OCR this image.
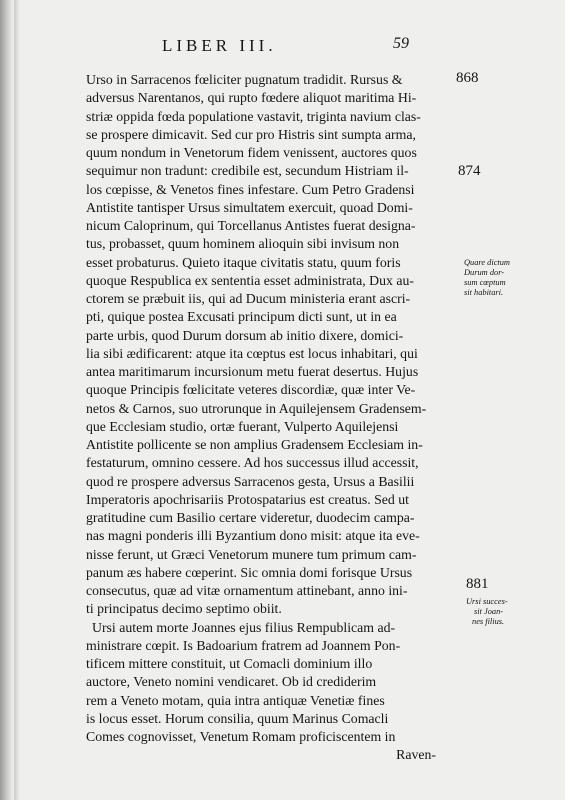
LIBER III.	59
Urso in Sarracenos fœliciter pugnatum tradidit. Rursus &
adversus Narentanos, qui rupto fœdere aliquot maritima Hi-
striæ oppida fœda populatione vastavit, triginta navium clas-
se prospere dimicavit. Sed cur pro Histris sint sumpta arma,
quum nondum in Venetorum fidem venissent, auctores quos
sequimur non tradunt: credibile est, secundum Histriam il-
los cœpisse, & Venetos fines infestare. Cum Petro Gradensi
Antistite tantisper Ursus simultatem exercuit, quoad Domi-
nicum Caloprinum, qui Torcellanus Antistes fuerat designa-
tus, probasset, quum hominem alioquin sibi invisum non
esset probaturus. Quieto itaque civitatis statu, quum foris
quoque Respublica ex sententia esset administrata, Dux au-
ctorem se præbuit iis, qui ad Ducum ministeria erant ascri-
pti, quique postea Excusati principum dicti sunt, ut in ea
parte urbis, quod Durum dorsum ab initio dixere, domici-
lia sibi ædificarent: atque ita cœptus est locus inhabitari, qui
antea maritimarum incursionum metu fuerat desertus. Hujus
quoque Principis fœlicitate veteres discordiæ, quæ inter Ve-
netos & Carnos, suo utrorunque in Aquilejensem Gradensem-
que Ecclesiam studio, ortæ fuerant, Vulperto Aquilejensi
Antistite pollicente se non amplius Gradensem Ecclesiam in-
festaturum, omnino cessere. Ad hos successus illud accessit,
quod re prospere adversus Sarracenos gesta, Ursus a Basilii
Imperatoris apochrisariis Protospatarius est creatus. Sed ut
gratitudine cum Basilio certare videretur, duodecim campa-
nas magni ponderis illi Byzantium dono misit: atque ita eve-
nisse ferunt, ut Græci Venetorum munere tum primum cam-
panum æs habere cœperint. Sic omnia domi forisque Ursus
consecutus, quæ ad vitæ ornamentum attinebant, anno ini-
ti principatus decimo septimo obiit.
Ursi autem morte Joannes ejus filius Rempublicam ad-
ministrare cœpit. Is Badoarium fratrem ad Joannem Pon-
tificem mittere constituit, ut Comacli dominium illo
auctore, Veneto nomini vendicaret. Ob id crediderim
rem a Veneto motam, quia intra antiquæ Venetiæ fines
is locus esset. Horum consilia, quum Marinus Comacli
Comes cognovisset, Venetum Romam proficiscentem in
Raven-
868
874
Quare dictum
Durum dor-
sum cœptum
sit habitari.
881
Ursi succes-
sit Joan-
nes filius.
